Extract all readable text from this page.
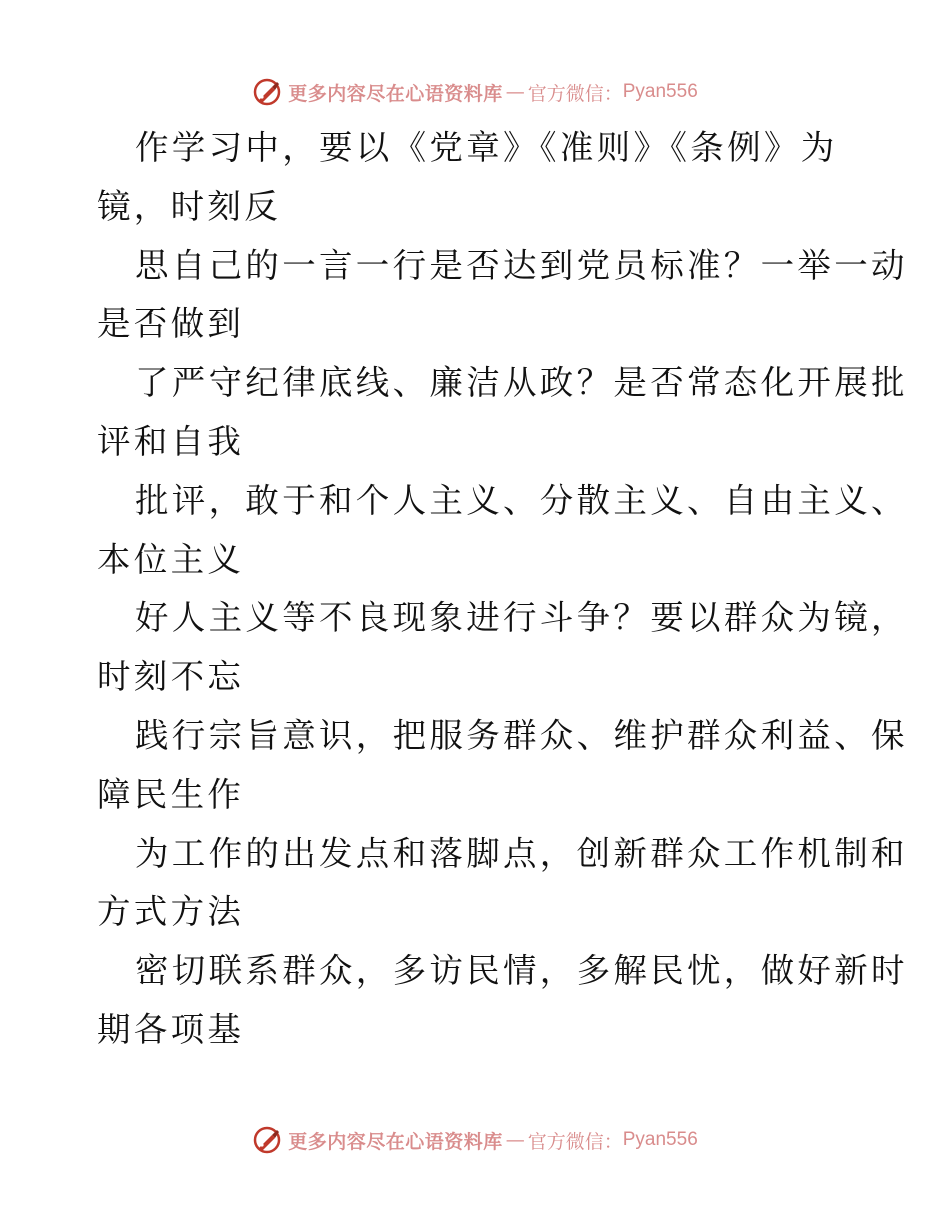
更多内容尽在心语资料库 — 官方微信： Pyan556
作学习中，要以《党章》《准则》《条例》为
镜，时刻反
思自己的一言一行是否达到党员标准？一举一动
是否做到
了严守纪律底线、廉洁从政？是否常态化开展批
评和自我
批评，敢于和个人主义、分散主义、自由主义、
本位主义
好人主义等不良现象进行斗争？要以群众为镜，
时刻不忘
践行宗旨意识，把服务群众、维护群众利益、保
障民生作
为工作的出发点和落脚点，创新群众工作机制和
方式方法
密切联系群众，多访民情，多解民忧，做好新时
期各项基
更多内容尽在心语资料库 — 官方微信： Pyan556
